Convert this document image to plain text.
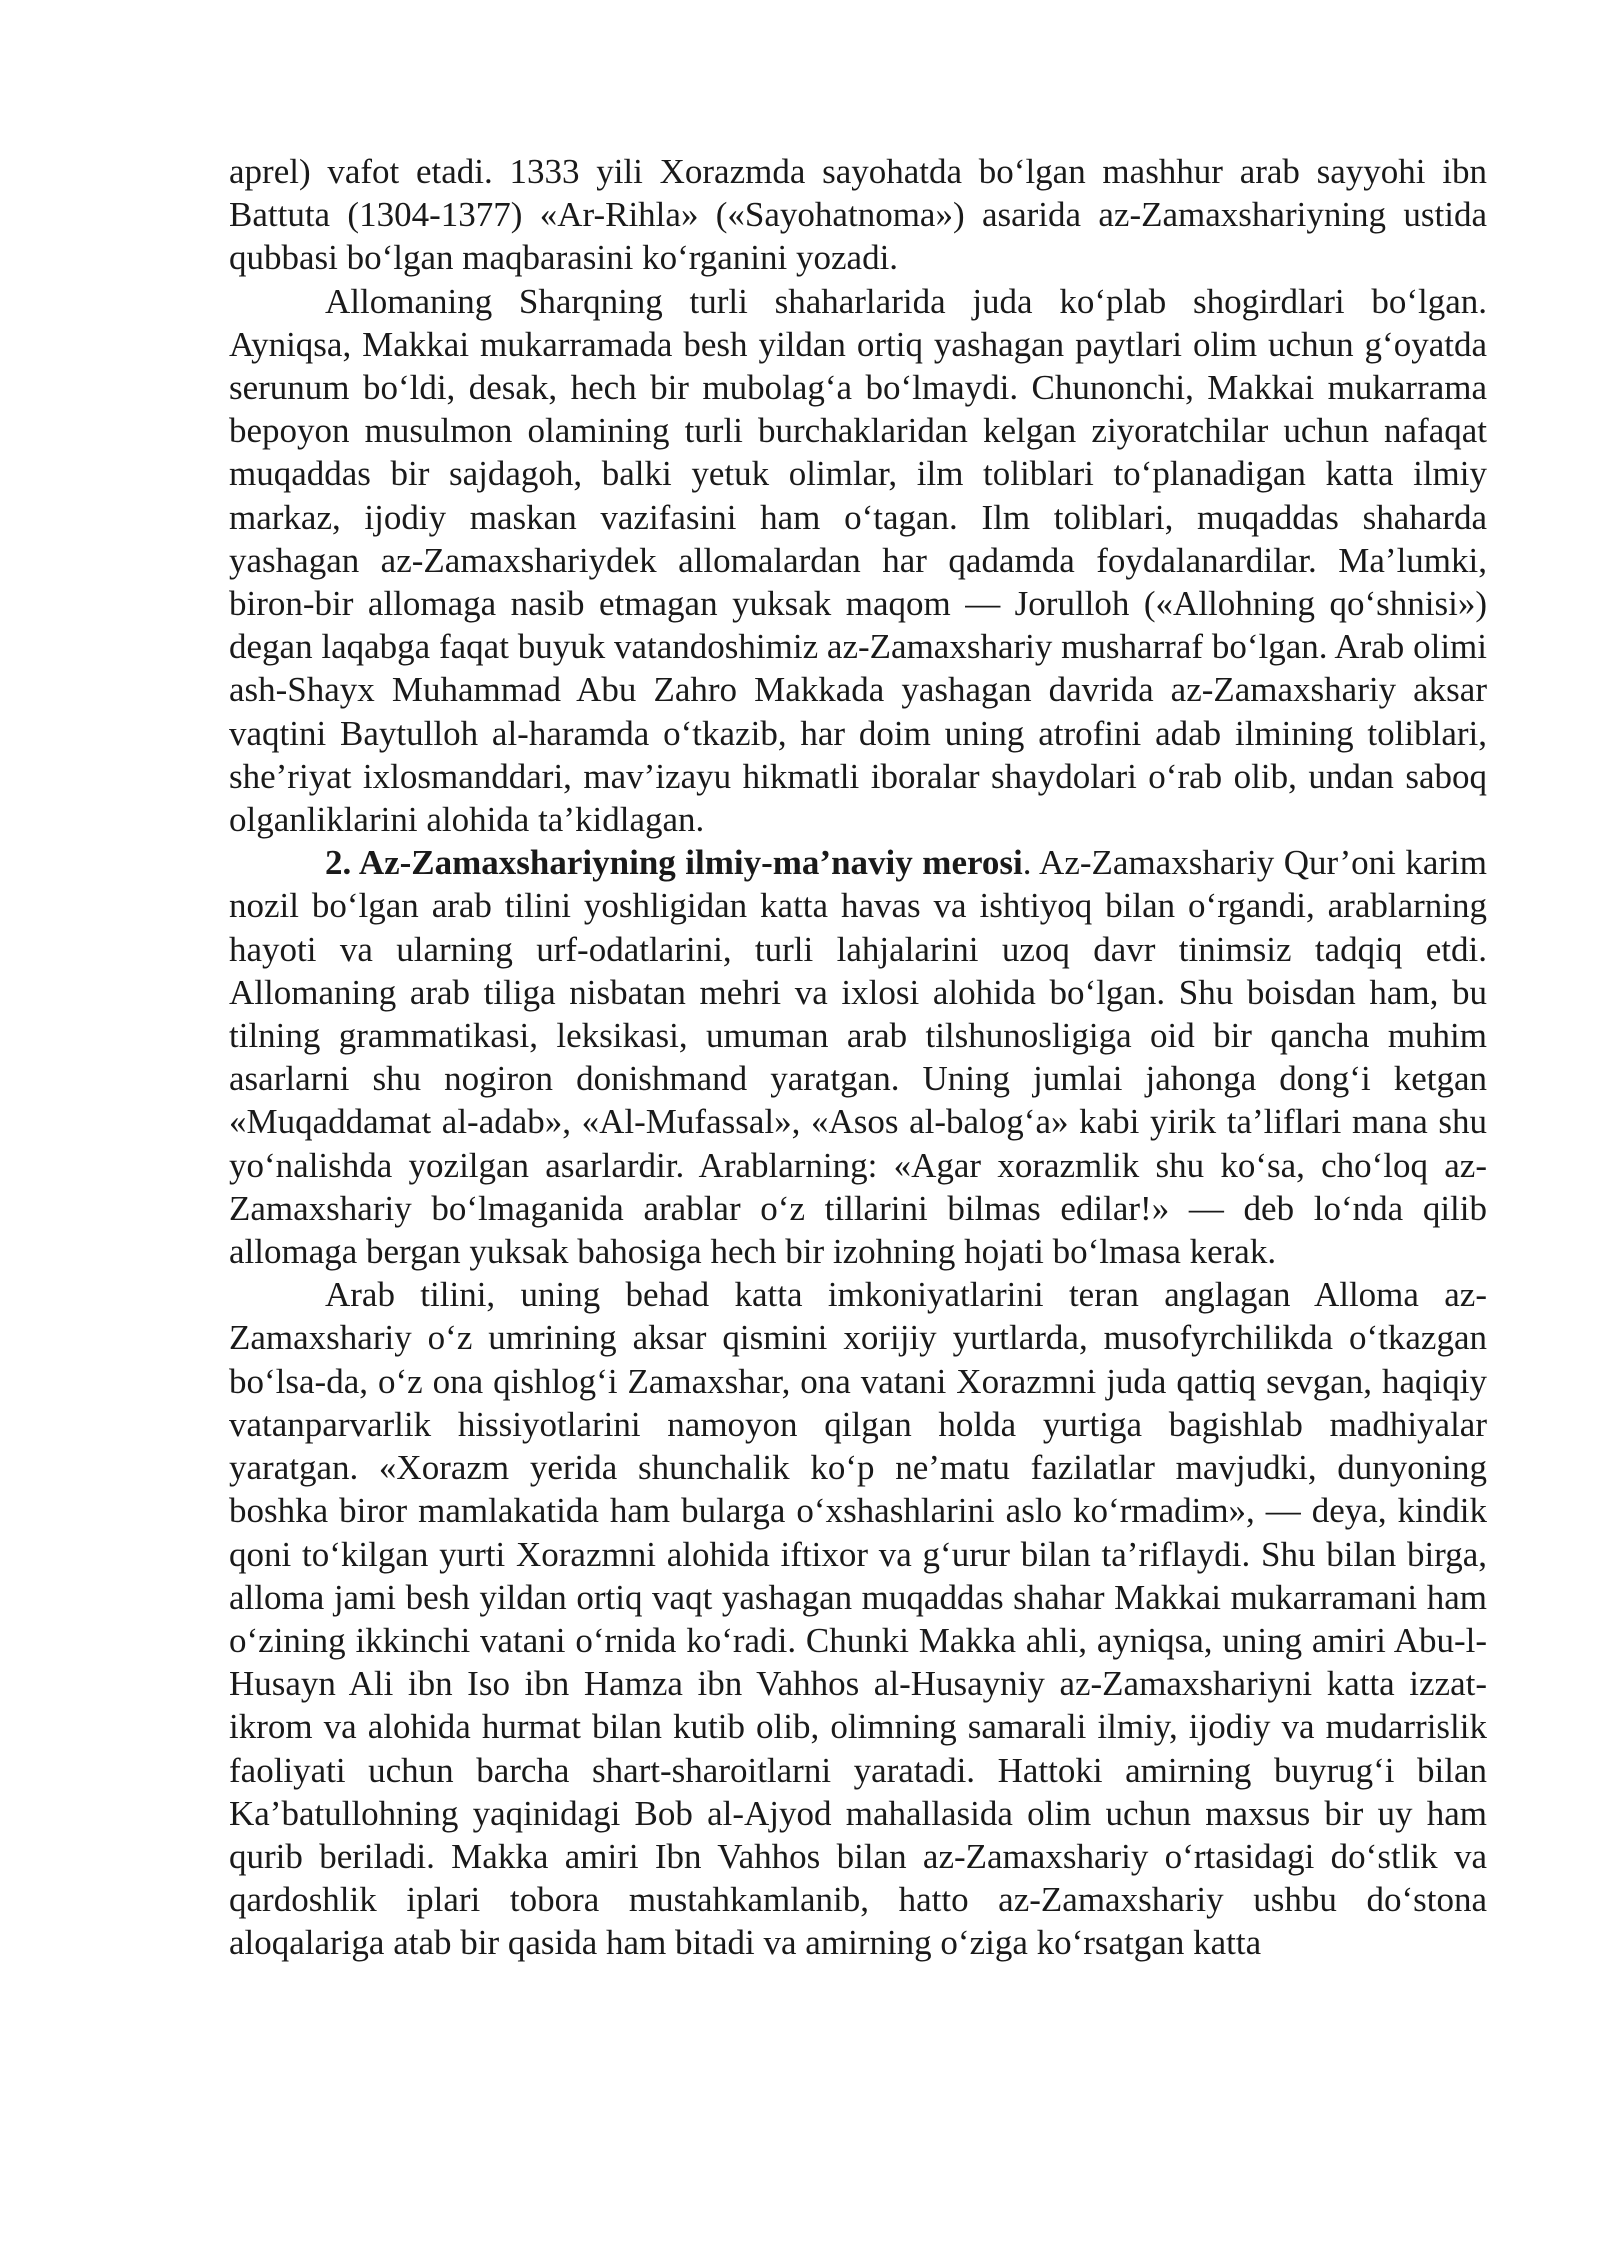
aprel) vafot etadi. 1333 yili Xorazmda sayohatda bo‘lgan mashhur arab sayyohi ibn Battuta (1304-1377) «Ar-Rihla» («Sayohatnoma») asarida az-Zamaxshariyning ustida qubbasi bo‘lgan maqbarasini ko‘rganini yozadi.

Allomaning Sharqning turli shaharlarida juda ko‘plab shogirdlari bo‘lgan. Ayniqsa, Makkai mukarramada besh yildan ortiq yashagan paytlari olim uchun g‘oyatda serunum bo‘ldi, desak, hech bir mubolag‘a bo‘lmaydi. Chunonchi, Makkai mukarrama bepoyon musulmon olamining turli burchaklaridan kelgan ziyoratchilar uchun nafaqat muqaddas bir sajdagoh, balki yetuk olimlar, ilm toliblari to‘planadigan katta ilmiy markaz, ijodiy maskan vazifasini ham o‘tagan. Ilm toliblari, muqaddas shaharda yashagan az-Zamaxshariydek allomalardan har qadamda foydalanardilar. Ma’lumki, biron-bir allomaga nasib etmagan yuksak maqom — Jorulloh («Allohning qo‘shnisi») degan laqabga faqat buyuk vatandoshimiz az-Zamaxshariy musharraf bo‘lgan. Arab olimi ash-Shayx Muhammad Abu Zahro Makkada yashagan davrida az-Zamaxshariy aksar vaqtini Baytulloh al-haramda o‘tkazib, har doim uning atrofini adab ilmining toliblari, she’riyat ixlosmanddari, mav’izayu hikmatli iboralar shaydolari o‘rab olib, undan saboq olganliklarini alohida ta’kidlagan.

2. Az-Zamaxshariyning ilmiy-ma’naviy merosi. Az-Zamaxshariy Qur’oni karim nozil bo‘lgan arab tilini yoshligidan katta havas va ishtiyoq bilan o‘rgandi, arablarning hayoti va ularning urf-odatlarini, turli lahjalarini uzoq davr tinimsiz tadqiq etdi. Allomaning arab tiliga nisbatan mehri va ixlosi alohida bo‘lgan. Shu boisdan ham, bu tilning grammatikasi, leksikasi, umuman arab tilshunosligiga oid bir qancha muhim asarlarni shu nogiron donishmand yaratgan. Uning jumlai jahonga dong‘i ketgan «Muqaddamat al-adab», «Al-Mufassal», «Asos al-balog‘a» kabi yirik ta’liflari mana shu yo‘nalishda yozilgan asarlardir. Arablarning: «Agar xorazmlik shu ko‘sa, cho‘loq az-Zamaxshariy bo‘lmaganida arablar o‘z tillarini bilmas edilar!» — deb lo‘nda qilib allomaga bergan yuksak bahosiga hech bir izohning hojati bo‘lmasa kerak.

Arab tilini, uning behad katta imkoniyatlarini teran anglagan Alloma az-Zamaxshariy o‘z umrining aksar qismini xorijiy yurtlarda, musofyrchilikda o‘tkazgan bo‘lsa-da, o‘z ona qishlog‘i Zamaxshar, ona vatani Xorazmni juda qattiq sevgan, haqiqiy vatanparvarlik hissiyotlarini namoyon qilgan holda yurtiga bagishlab madhiyalar yaratgan. «Xorazm yerida shunchalik ko‘p ne’matu fazilatlar mavjudki, dunyoning boshka biror mamlakatida ham bularga o‘xshashlarini aslo ko‘rmadim», — deya, kindik qoni to‘kilgan yurti Xorazmni alohida iftixor va g‘urur bilan ta’riflaydi. Shu bilan birga, alloma jami besh yildan ortiq vaqt yashagan muqaddas shahar Makkai mukarramani ham o‘zining ikkinchi vatani o‘rnida ko‘radi. Chunki Makka ahli, ayniqsa, uning amiri Abu-l-Husayn Ali ibn Iso ibn Hamza ibn Vahhos al-Husayniy az-Zamaxshariyni katta izzat-ikrom va alohida hurmat bilan kutib olib, olimning samarali ilmiy, ijodiy va mudarrislik faoliyati uchun barcha shart-sharoitlarni yaratadi. Hattoki amirning buyrug‘i bilan Ka’batullohning yaqinidagi Bob al-Ajyod mahallasida olim uchun maxsus bir uy ham qurib beriladi. Makka amiri Ibn Vahhos bilan az-Zamaxshariy o‘rtasidagi do‘stlik va qardoshlik iplari tobora mustahkamlanib, hatto az-Zamaxshariy ushbu do‘stona aloqalariga atab bir qasida ham bitadi va amirning o‘ziga ko‘rsatgan katta
